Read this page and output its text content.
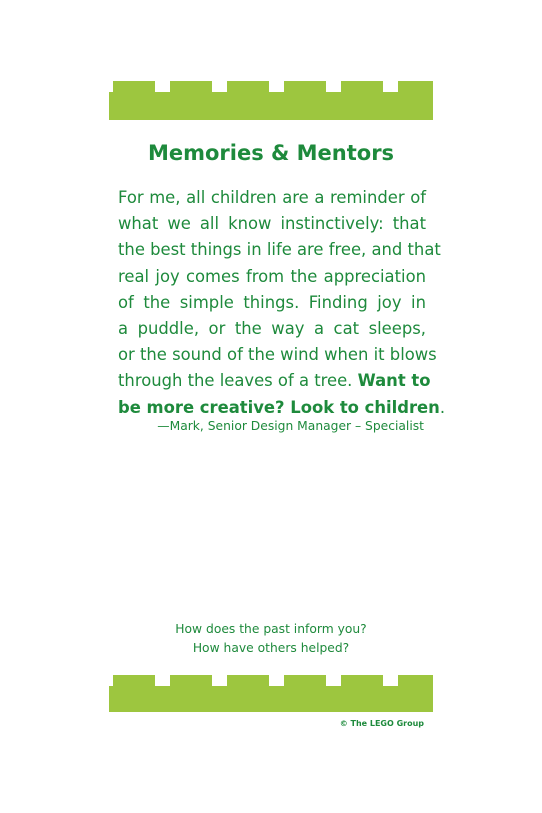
Memories & Mentors

For me, all children are a reminder of
what we all know instinctively: that
the best things in life are free, and that
real joy comes from the appreciation
of the simple things. Finding joy in
a puddle, or the way a cat sleeps,
or the sound of the wind when it blows
through the leaves of a tree. Want to
be more creative? Look to children.

—Mark, Senior Design Manager – Specialist

How does the past inform you?
How have others helped?

© The LEGO Group
